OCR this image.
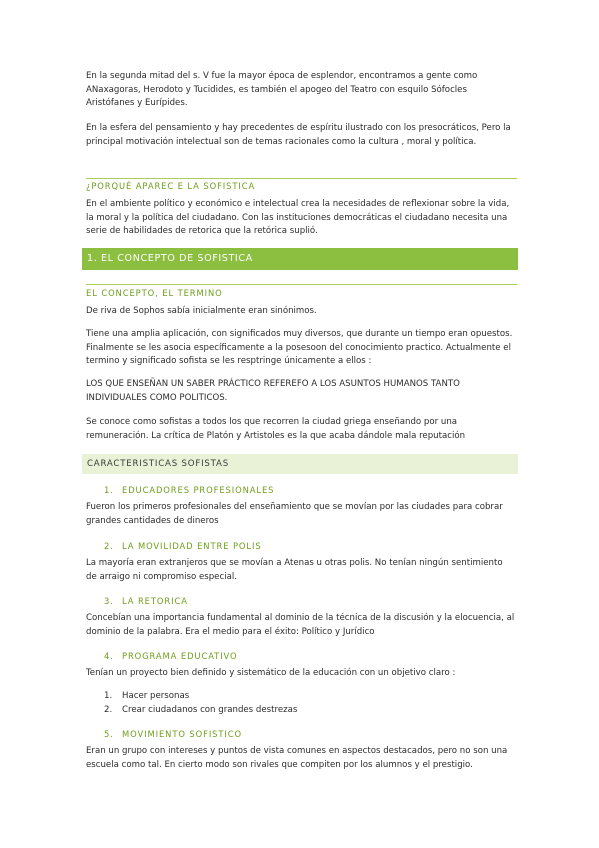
En la segunda mitad del s. V fue la mayor época de esplendor, encontramos a gente como ANaxagoras, Herodoto y Tucidides, es también el apogeo del Teatro con esquilo Sófocles Aristófanes y Eurípides.

En la esfera del pensamiento y hay precedentes de espíritu ilustrado con los presocráticos, Pero la principal motivación intelectual son de temas racionales como la cultura , moral y política.

¿PORQUÉ APAREC E LA SOFISTICA

En el ambiente político y económico e intelectual crea la necesidades de reflexionar sobre la vida, la moral y la política del ciudadano. Con las instituciones democráticas el ciudadano necesita una serie de habilidades de retorica que la retórica suplió.

1. EL CONCEPTO DE SOFISTICA

EL CONCEPTO, EL TERMINO

De riva de Sophos sabía inicialmente eran sinónimos.

Tiene una amplia aplicación, con significados muy diversos, que durante un tiempo eran opuestos. Finalmente se les asocia específicamente a la posesoon del conocimiento practico. Actualmente el termino y significado sofista se les resptringe únicamente a ellos :

LOS QUE ENSEÑAN UN SABER PRÁCTICO REFEREFO A LOS ASUNTOS HUMANOS TANTO INDIVIDUALES COMO POLITICOS.

Se conoce como sofistas a todos los que recorren la ciudad griega enseñando por una remuneración. La crítica de Platón y Artistoles es la que acaba dándole mala reputación

CARACTERISTICAS SOFISTAS

1. EDUCADORES PROFESIONALES

Fueron los primeros profesionales del enseñamiento que se movían por las ciudades para cobrar grandes cantidades de dineros

2. LA MOVILIDAD ENTRE POLIS

La mayoría eran extranjeros que se movían a Atenas u otras polis. No tenían ningún sentimiento de arraigo ni compromiso especial.

3. LA RETORICA

Concebían una importancia fundamental al dominio de la técnica de la discusión y la elocuencia, al dominio de la palabra. Era el medio para el éxito: Político y Jurídico

4. PROGRAMA EDUCATIVO

Tenían un proyecto bien definido y sistemático de la educación con un objetivo claro :

1. Hacer personas

2. Crear ciudadanos con grandes destrezas

5. MOVIMIENTO SOFISTICO

Eran un grupo con intereses y puntos de vista comunes en aspectos destacados, pero no son una escuela como tal. En cierto modo son rivales que compiten por los alumnos y el prestigio.
